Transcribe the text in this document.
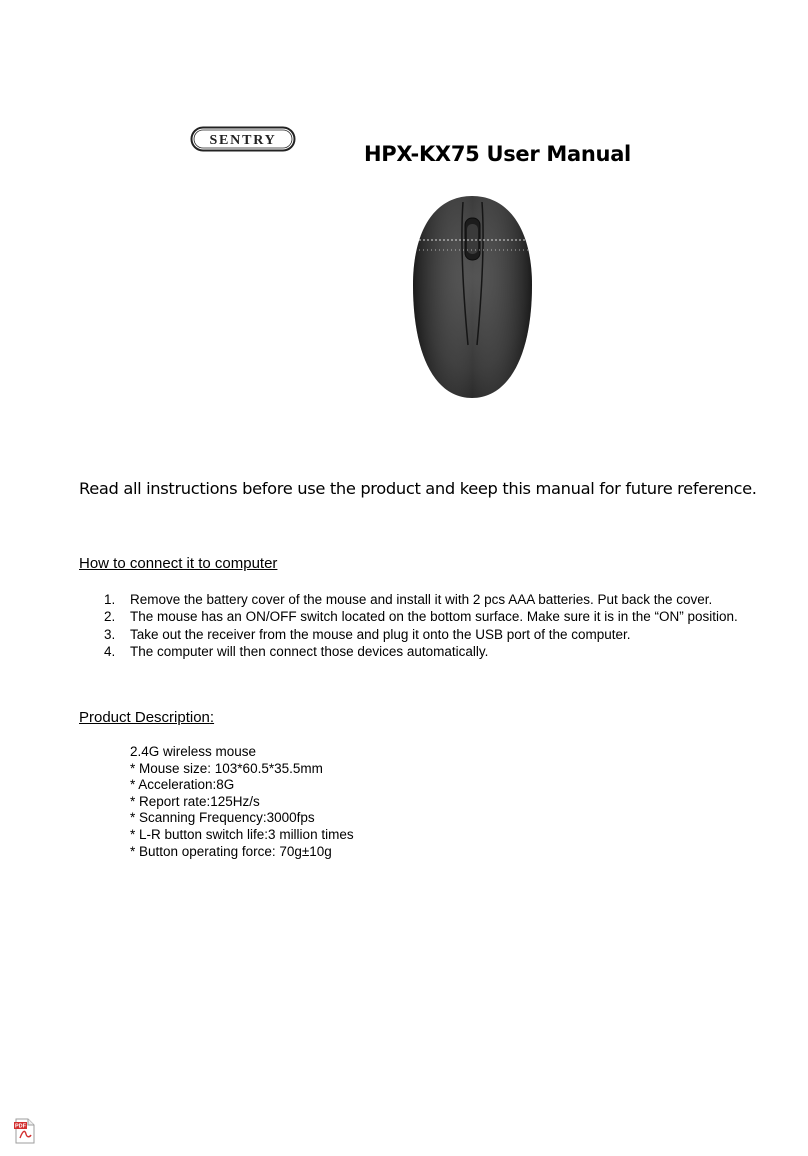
SENTRY
HPX-KX75 User Manual
Read all instructions before use the product and keep this manual for future reference.
How to connect it to computer
1.	Remove the battery cover of the mouse and install it with 2 pcs AAA batteries. Put back the cover.
2.	The mouse has an ON/OFF switch located on the bottom surface. Make sure it is in the “ON” position.
3.	Take out the receiver from the mouse and plug it onto the USB port of the computer.
4.	The computer will then connect those devices automatically.
Product Description:
2.4G wireless mouse
* Mouse size: 103*60.5*35.5mm
* Acceleration:8G
* Report rate:125Hz/s
* Scanning Frequency:3000fps
* L-R button switch life:3 million times
* Button operating force: 70g±10g
PDF
